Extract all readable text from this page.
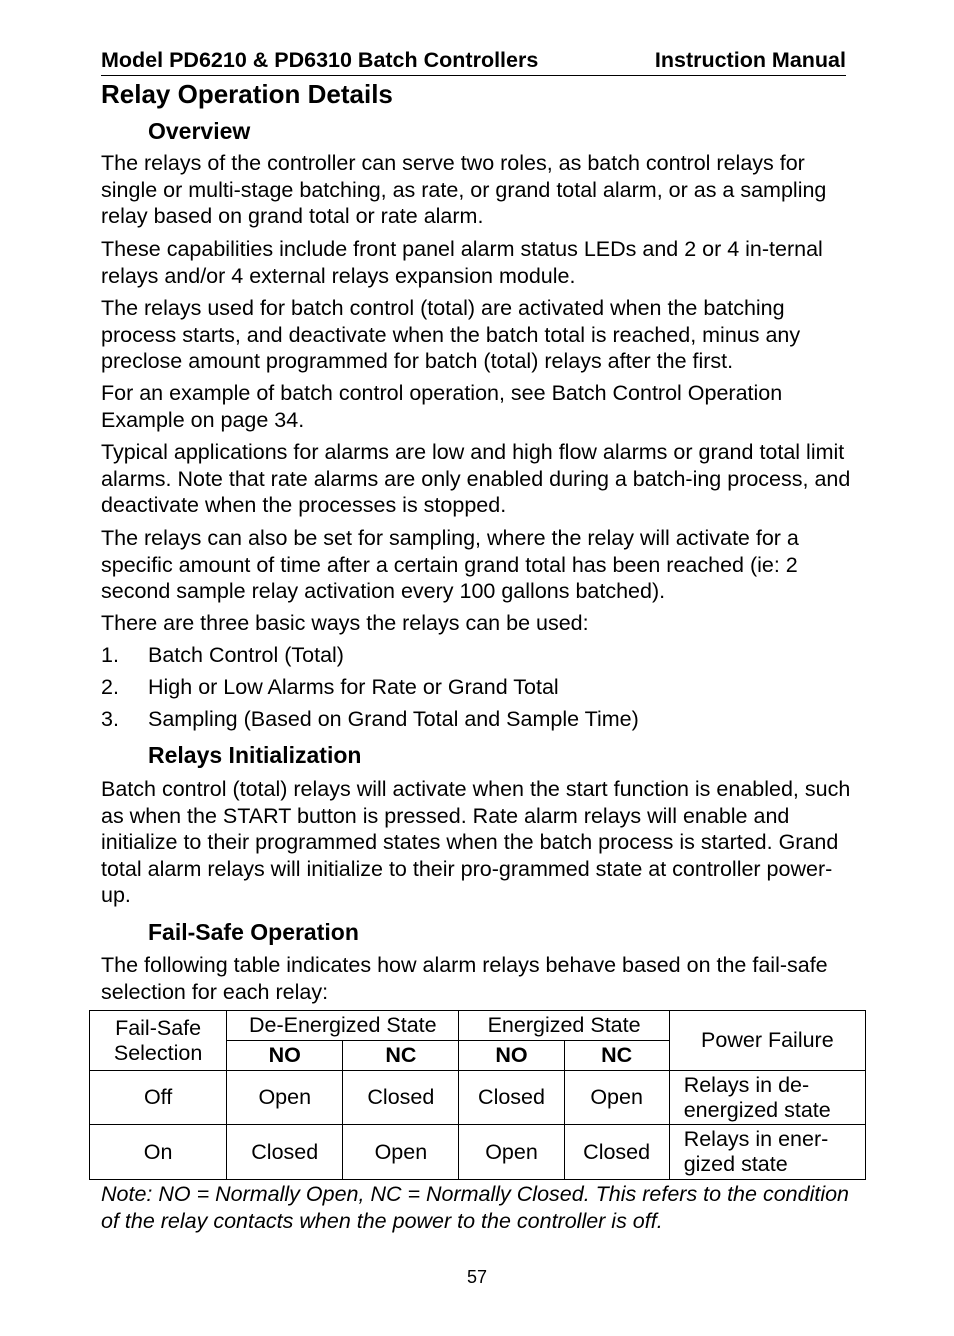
Model PD6210 & PD6310 Batch Controllers	Instruction Manual
Relay Operation Details
Overview

The relays of the controller can serve two roles, as batch control relays for single or multi-stage batching, as rate, or grand total alarm, or as a sampling relay based on grand total or rate alarm.

These capabilities include front panel alarm status LEDs and 2 or 4 in-ternal relays and/or 4 external relays expansion module.

The relays used for batch control (total) are activated when the batching process starts, and deactivate when the batch total is reached, minus any preclose amount programmed for batch (total) relays after the first.

For an example of batch control operation, see Batch Control Operation Example on page 34.

Typical applications for alarms are low and high flow alarms or grand total limit alarms. Note that rate alarms are only enabled during a batch-ing process, and deactivate when the processes is stopped.

The relays can also be set for sampling, where the relay will activate for a specific amount of time after a certain grand total has been reached (ie: 2 second sample relay activation every 100 gallons batched).

There are three basic ways the relays can be used:

1. Batch Control (Total)
2. High or Low Alarms for Rate or Grand Total
3. Sampling (Based on Grand Total and Sample Time)
Relays Initialization

Batch control (total) relays will activate when the start function is enabled, such as when the START button is pressed. Rate alarm relays will enable and initialize to their programmed states when the batch process is started. Grand total alarm relays will initialize to their pro-grammed state at controller power-up.

Fail-Safe Operation

The following table indicates how alarm relays behave based on the fail-safe selection for each relay:

Fail-Safe Selection	De-Energized State		Energized State		Power Failure
	NO	NC	NO	NC	
Off	Open	Closed	Closed	Open	Relays in de-energized state
On	Closed	Open	Open	Closed	Relays in ener-gized state

Note: NO = Normally Open, NC = Normally Closed. This refers to the condition of the relay contacts when the power to the controller is off.

57
